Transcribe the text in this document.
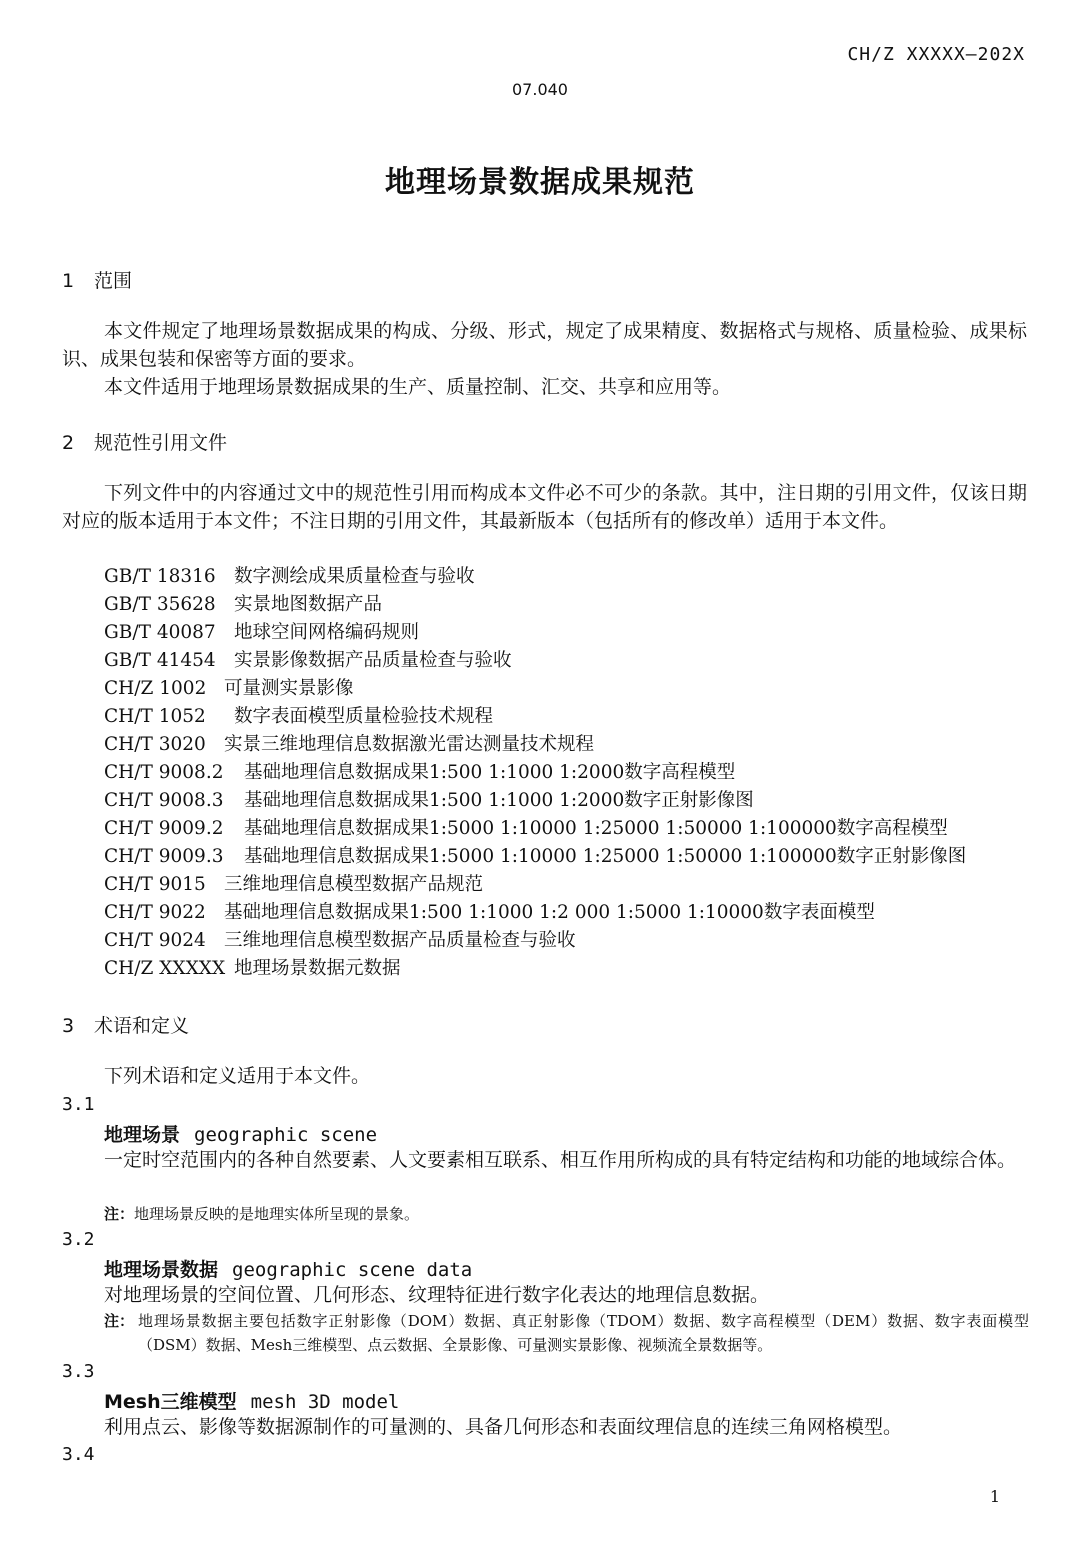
CH/Z XXXXX—202X
07.040
地理场景数据成果规范
1 范围
本文件规定了地理场景数据成果的构成、分级、形式，规定了成果精度、数据格式与规格、质量检验、成果标识、成果包装和保密等方面的要求。
本文件适用于地理场景数据成果的生产、质量控制、汇交、共享和应用等。
2 规范性引用文件
下列文件中的内容通过文中的规范性引用而构成本文件必不可少的条款。其中，注日期的引用文件，仅该日期对应的版本适用于本文件；不注日期的引用文件，其最新版本（包括所有的修改单）适用于本文件。
GB/T 18316 数字测绘成果质量检查与验收
GB/T 35628 实景地图数据产品
GB/T 40087 地球空间网格编码规则
GB/T 41454 实景影像数据产品质量检查与验收
CH/Z 1002 可量测实景影像
CH/T 1052 数字表面模型质量检验技术规程
CH/T 3020 实景三维地理信息数据激光雷达测量技术规程
CH/T 9008.2 基础地理信息数据成果1:500 1:1000 1:2000数字高程模型
CH/T 9008.3 基础地理信息数据成果1:500 1:1000 1:2000数字正射影像图
CH/T 9009.2 基础地理信息数据成果1:5000 1:10000 1:25000 1:50000 1:100000数字高程模型
CH/T 9009.3 基础地理信息数据成果1:5000 1:10000 1:25000 1:50000 1:100000数字正射影像图
CH/T 9015 三维地理信息模型数据产品规范
CH/T 9022 基础地理信息数据成果1:500 1:1000 1:2 000 1:5000 1:10000数字表面模型
CH/T 9024 三维地理信息模型数据产品质量检查与验收
CH/Z XXXXX 地理场景数据元数据
3 术语和定义
下列术语和定义适用于本文件。
3.1
地理场景 geographic scene
一定时空范围内的各种自然要素、人文要素相互联系、相互作用所构成的具有特定结构和功能的地域综合体。
注：地理场景反映的是地理实体所呈现的景象。
3.2
地理场景数据 geographic scene data
对地理场景的空间位置、几何形态、纹理特征进行数字化表达的地理信息数据。
注： 地理场景数据主要包括数字正射影像（DOM）数据、真正射影像（TDOM）数据、数字高程模型（DEM）数据、数字表面模型（DSM）数据、Mesh三维模型、点云数据、全景影像、可量测实景影像、视频流全景数据等。
3.3
Mesh三维模型 mesh 3D model
利用点云、影像等数据源制作的可量测的、具备几何形态和表面纹理信息的连续三角网格模型。
3.4
1
